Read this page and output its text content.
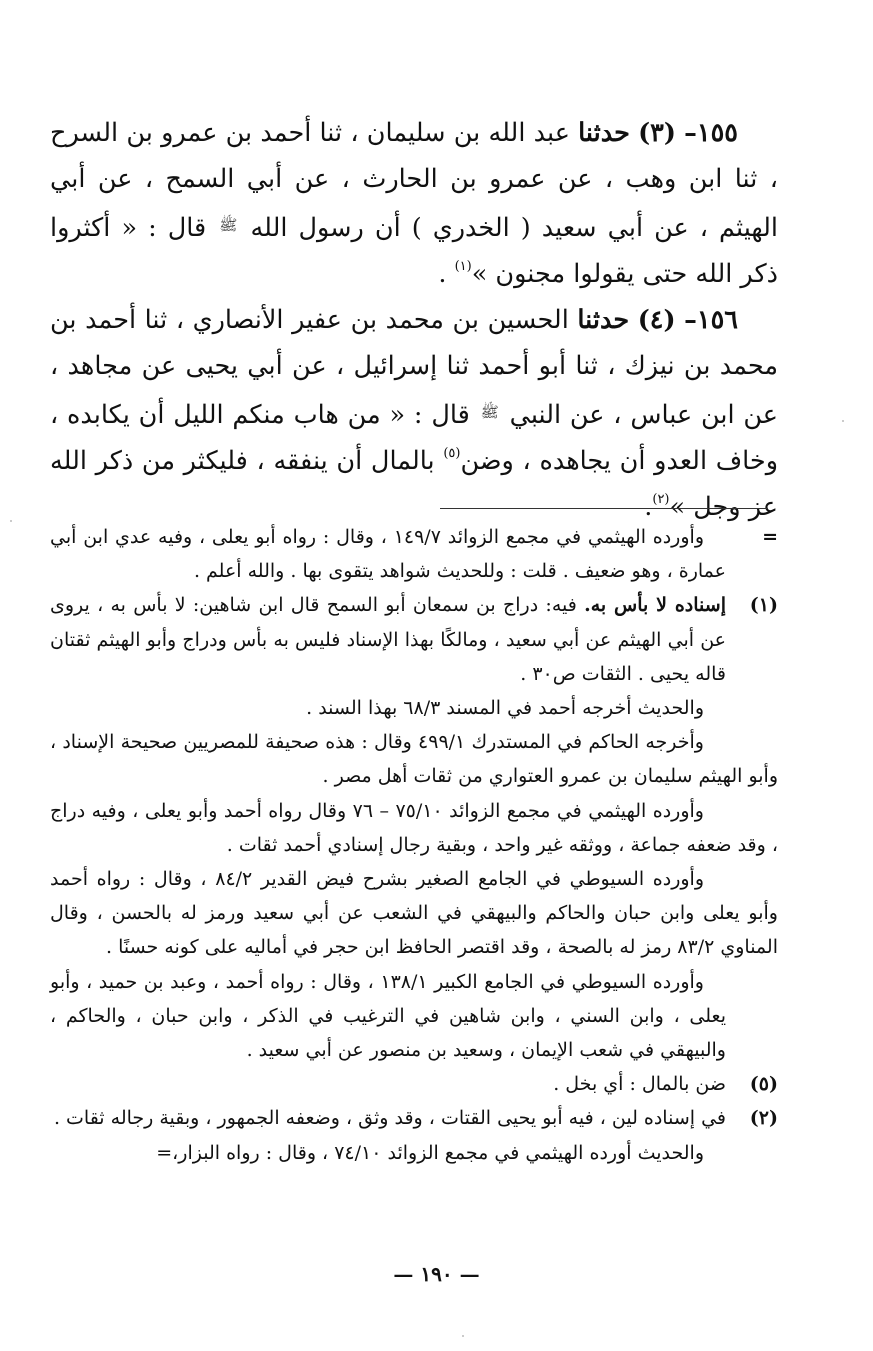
١٥٥– (٣) حدثنا عبد الله بن سليمان ، ثنا أحمد بن عمرو بن السرح ، ثنا ابن وهب ، عن عمرو بن الحارث ، عن أبي السمح ، عن أبي الهيثم ، عن أبي سعيد ( الخدري ) أن رسول الله $^ﷺ$ قال : « أكثروا ذكر الله حتى يقولوا مجنون »$^{(١)}$ .

١٥٦– (٤) حدثنا الحسين بن محمد بن عفير الأنصاري ، ثنا أحمد بن محمد بن نيزك ، ثنا أبو أحمد ثنا إسرائيل ، عن أبي يحيى عن مجاهد ، عن ابن عباس ، عن النبي $^ﷺ$ قال : « من هاب منكم الليل أن يكابده ، وخاف العدو أن يجاهده ، وضن$^{(٥)}$ بالمال أن ينفقه ، فليكثر من ذكر الله عز وجل »$^{(٢)}$.

=

وأورده الهيثمي في مجمع الزوائد ١٤٩/٧ ، وقال : رواه أبو يعلى ، وفيه عدي ابن أبي عمارة ، وهو ضعيف . قلت : وللحديث شواهد يتقوى بها . والله أعلم .

(١)

إسناده لا بأس به. فيه: دراج بن سمعان أبو السمح قال ابن شاهين: لا بأس به ، يروى عن أبي الهيثم عن أبي سعيد ، ومالكًا بهذا الإسناد فليس به بأس ودراج وأبو الهيثم ثقتان قاله يحيى . الثقات ص٣٠ .

والحديث أخرجه أحمد في المسند ٦٨/٣ بهذا السند .

وأخرجه الحاكم في المستدرك ٤٩٩/١ وقال : هذه صحيفة للمصريين صحيحة الإسناد ، وأبو الهيثم سليمان بن عمرو العتواري من ثقات أهل مصر .

وأورده الهيثمي في مجمع الزوائد ٧٥/١٠ – ٧٦ وقال رواه أحمد وأبو يعلى ، وفيه دراج ، وقد ضعفه جماعة ، ووثقه غير واحد ، وبقية رجال إسنادي أحمد ثقات .

وأورده السيوطي في الجامع الصغير بشرح فيض القدير ٨٤/٢ ، وقال : رواه أحمد وأبو يعلى وابن حبان والحاكم والبيهقي في الشعب عن أبي سعيد ورمز له بالحسن ، وقال المناوي ٨٣/٢ رمز له بالصحة ، وقد اقتصر الحافظ ابن حجر في أماليه على كونه حسنًا .

وأورده السيوطي في الجامع الكبير ١٣٨/١ ، وقال : رواه أحمد ، وعبد بن حميد ، وأبو يعلى ، وابن السني ، وابن شاهين في الترغيب في الذكر ، وابن حبان ، والحاكم ، والبيهقي في شعب الإيمان ، وسعيد بن منصور عن أبي سعيد .

(٥)

ضن بالمال : أي بخل .

(٢)

في إسناده لين ، فيه أبو يحيى القتات ، وقد وثق ، وضعفه الجمهور ، وبقية رجاله ثقات .

والحديث أورده الهيثمي في مجمع الزوائد ٧٤/١٠ ، وقال : رواه البزار،=

— ١٩٠ —
